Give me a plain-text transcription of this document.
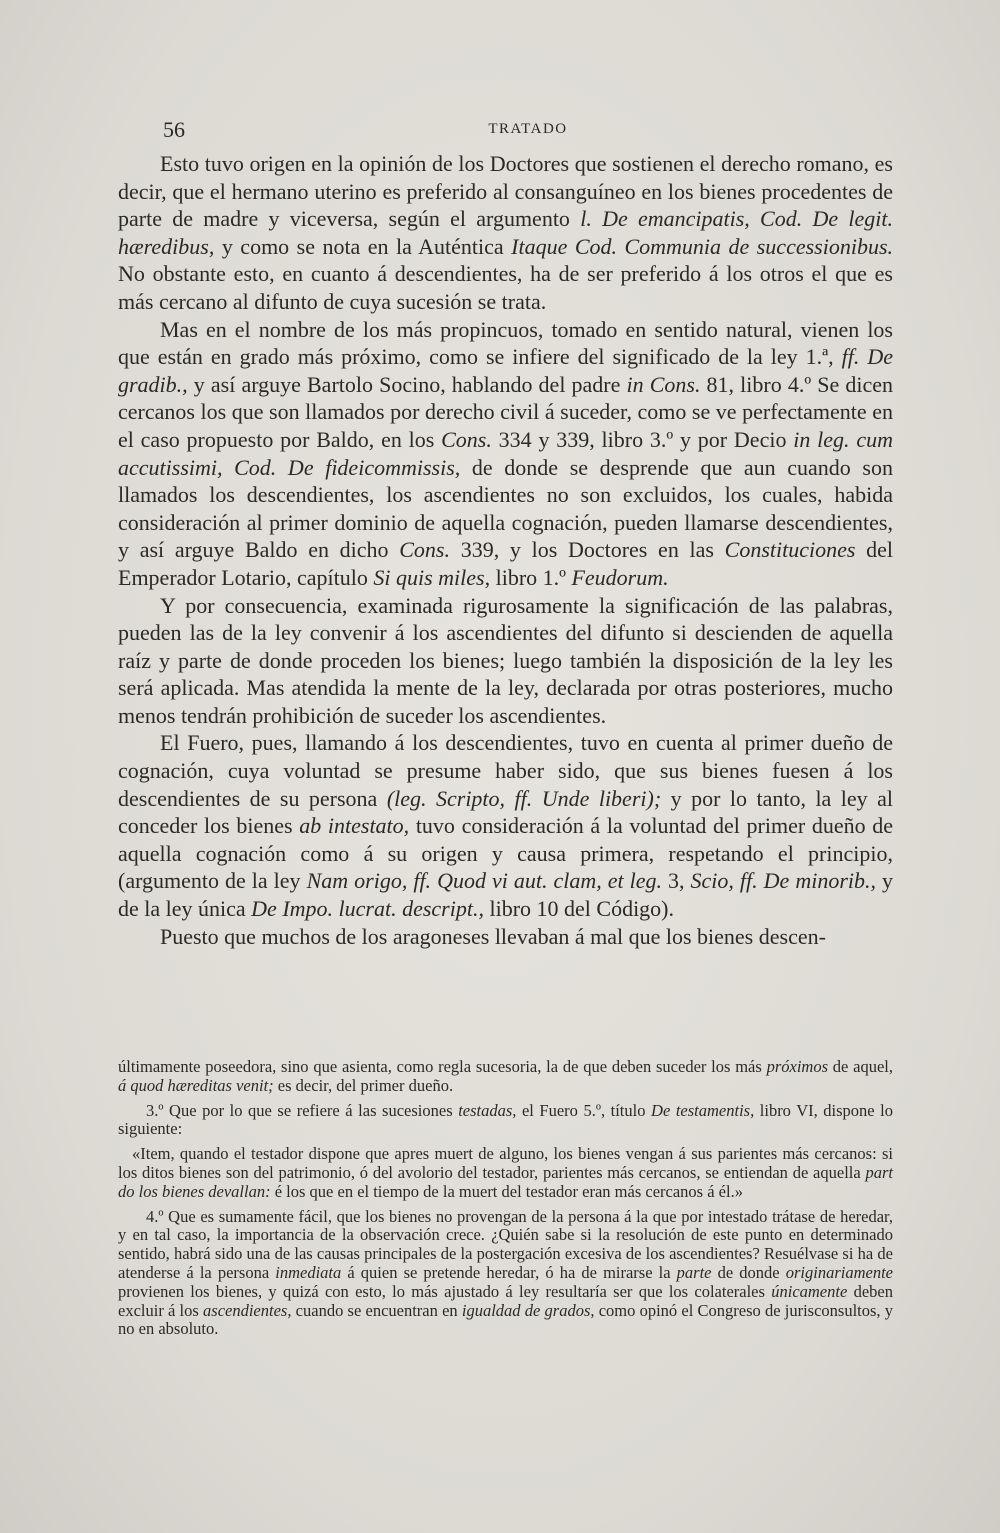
56	TRATADO

Esto tuvo origen en la opinión de los Doctores que sostienen el derecho romano, es decir, que el hermano uterino es preferido al consanguíneo en los bienes procedentes de parte de madre y viceversa, según el argumento l. De emancipatis, Cod. De legit. hæredibus, y como se nota en la Auténtica Itaque Cod. Communia de successionibus. No obstante esto, en cuanto á descendientes, ha de ser preferido á los otros el que es más cercano al difunto de cuya sucesión se trata.

Mas en el nombre de los más propincuos, tomado en sentido natural, vienen los que están en grado más próximo, como se infiere del significado de la ley 1.ª, ff. De gradib., y así arguye Bartolo Socino, hablando del padre in Cons. 81, libro 4.º Se dicen cercanos los que son llamados por derecho civil á suceder, como se ve perfectamente en el caso propuesto por Baldo, en los Cons. 334 y 339, libro 3.º y por Decio in leg. cum accutissimi, Cod. De fideicommissis, de donde se desprende que aun cuando son llamados los descendientes, los ascendientes no son excluidos, los cuales, habida consideración al primer dominio de aquella cognación, pueden llamarse descendientes, y así arguye Baldo en dicho Cons. 339, y los Doctores en las Constituciones del Emperador Lotario, capítulo Si quis miles, libro 1.º Feudorum.

Y por consecuencia, examinada rigurosamente la significación de las palabras, pueden las de la ley convenir á los ascendientes del difunto si descienden de aquella raíz y parte de donde proceden los bienes; luego también la disposición de la ley les será aplicada. Mas atendida la mente de la ley, declarada por otras posteriores, mucho menos tendrán prohibición de suceder los ascendientes.

El Fuero, pues, llamando á los descendientes, tuvo en cuenta al primer dueño de cognación, cuya voluntad se presume haber sido, que sus bienes fuesen á los descendientes de su persona (leg. Scripto, ff. Unde liberi); y por lo tanto, la ley al conceder los bienes ab intestato, tuvo consideración á la voluntad del primer dueño de aquella cognación como á su origen y causa primera, respetando el principio, (argumento de la ley Nam origo, ff. Quod vi aut. clam, et leg. 3, Scio, ff. De minorib., y de la ley única De Impo. lucrat. descript., libro 10 del Código).

Puesto que muchos de los aragoneses llevaban á mal que los bienes descen-

últimamente poseedora, sino que asienta, como regla sucesoria, la de que deben suceder los más próximos de aquel, á quod hæreditas venit; es decir, del primer dueño.

3.º Que por lo que se refiere á las sucesiones testadas, el Fuero 5.º, título De testamentis, libro VI, dispone lo siguiente:

«Item, quando el testador dispone que apres muert de alguno, los bienes vengan á sus parientes más cercanos: si los ditos bienes son del patrimonio, ó del avolorio del testador, parientes más cercanos, se entiendan de aquella part do los bienes devallan: é los que en el tiempo de la muert del testador eran más cercanos á él.»

4.º Que es sumamente fácil, que los bienes no provengan de la persona á la que por intestado trátase de heredar, y en tal caso, la importancia de la observación crece. ¿Quién sabe si la resolución de este punto en determinado sentido, habrá sido una de las causas principales de la postergación excesiva de los ascendientes? Resuélvase si ha de atenderse á la persona inmediata á quien se pretende heredar, ó ha de mirarse la parte de donde originariamente provienen los bienes, y quizá con esto, lo más ajustado á ley resultaría ser que los colaterales únicamente deben excluir á los ascendientes, cuando se encuentran en igualdad de grados, como opinó el Congreso de jurisconsultos, y no en absoluto.
